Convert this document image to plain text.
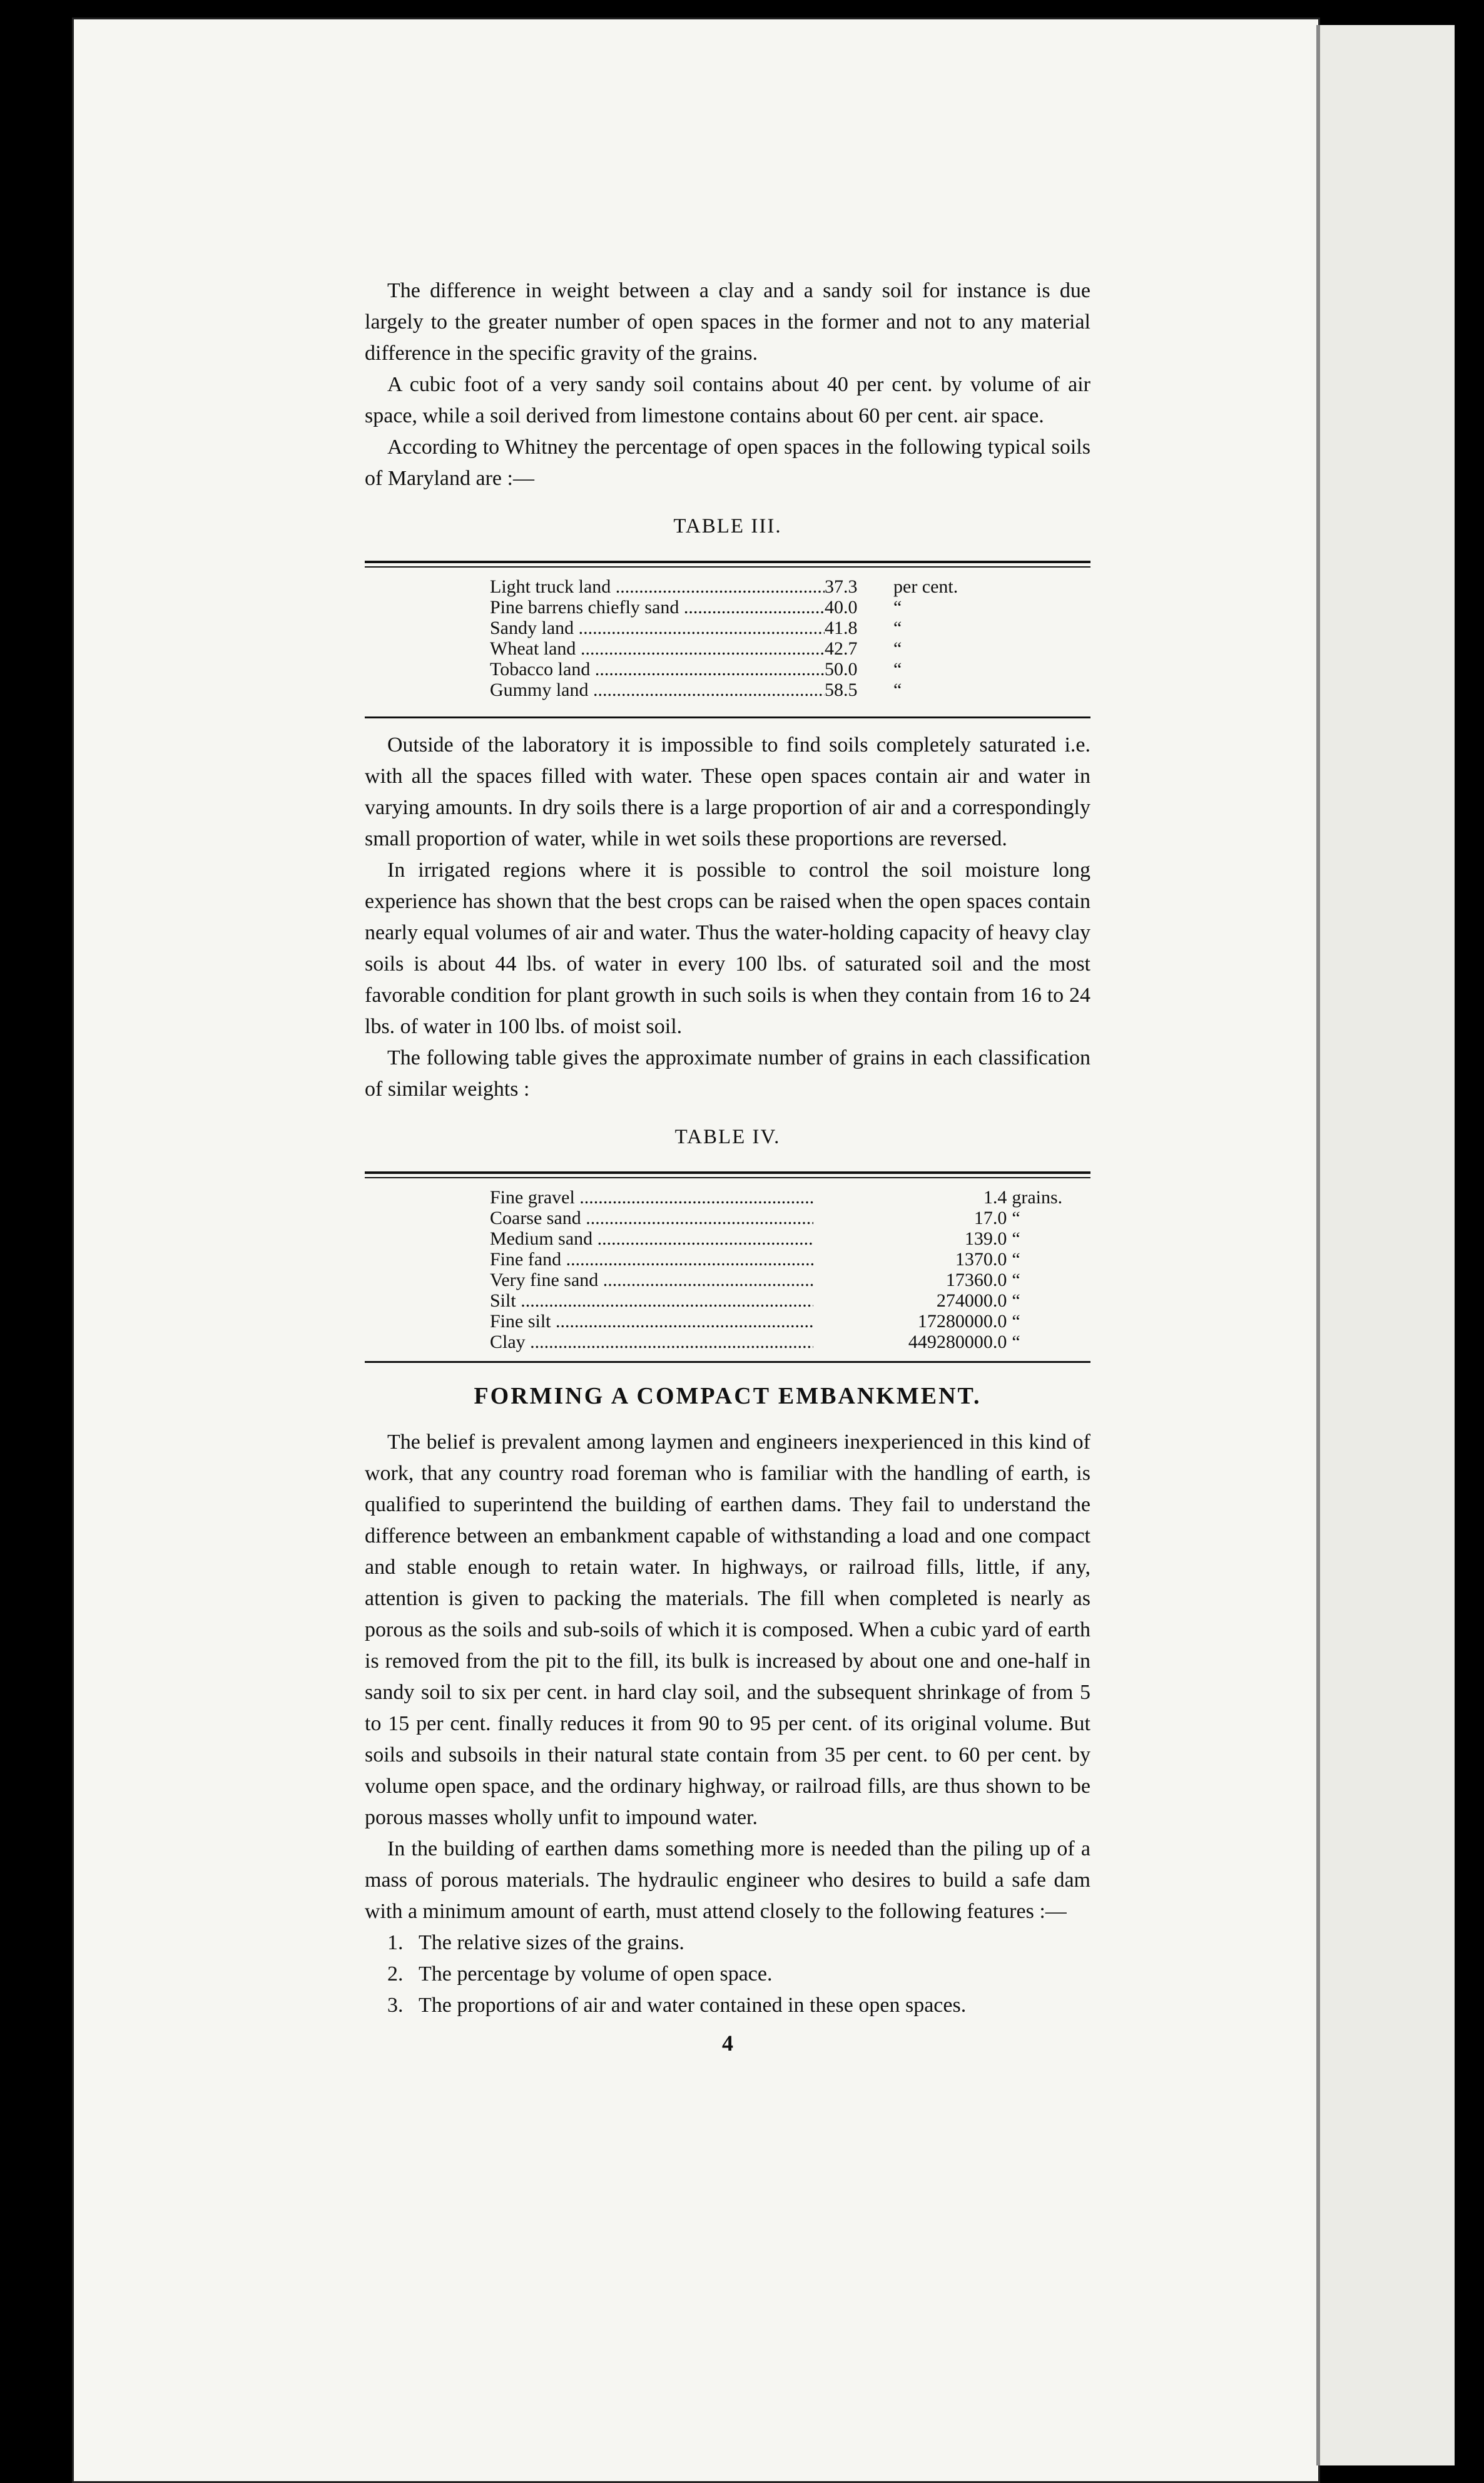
The difference in weight between a clay and a sandy soil for instance is due largely to the greater number of open spaces in the former and not to any material difference in the specific gravity of the grains.

A cubic foot of a very sandy soil contains about 40 per cent. by volume of air space, while a soil derived from limestone contains about 60 per cent. air space.

According to Whitney the percentage of open spaces in the following typical soils of Maryland are :—

TABLE III.
Light truck land .....	37.3	per cent.
Pine barrens chiefly sand .....	40.0	“
Sandy land .....	41.8	“
Wheat land .....	42.7	“
Tobacco land .....	50.0	“
Gummy land .....	58.5	“

Outside of the laboratory it is impossible to find soils completely saturated i.e. with all the spaces filled with water. These open spaces contain air and water in varying amounts. In dry soils there is a large proportion of air and a correspondingly small proportion of water, while in wet soils these proportions are reversed.

In irrigated regions where it is possible to control the soil moisture long experience has shown that the best crops can be raised when the open spaces contain nearly equal volumes of air and water. Thus the water-holding capacity of heavy clay soils is about 44 lbs. of water in every 100 lbs. of saturated soil and the most favorable condition for plant growth in such soils is when they contain from 16 to 24 lbs. of water in 100 lbs. of moist soil.

The following table gives the approximate number of grains in each classification of similar weights :

TABLE IV.
Fine gravel .....	1.4 grains.
Coarse sand .....	17.0 “
Medium sand .....	139.0 “
Fine fand .....	1370.0 “
Very fine sand .....	17360.0 “
Silt .....	274000.0 “
Fine silt .....	17280000.0 “
Clay .....	449280000.0 “
FORMING A COMPACT EMBANKMENT.

The belief is prevalent among laymen and engineers inexperienced in this kind of work, that any country road foreman who is familiar with the handling of earth, is qualified to superintend the building of earthen dams. They fail to understand the difference between an embankment capable of withstanding a load and one compact and stable enough to retain water. In highways, or railroad fills, little, if any, attention is given to packing the materials. The fill when completed is nearly as porous as the soils and sub-soils of which it is composed. When a cubic yard of earth is removed from the pit to the fill, its bulk is increased by about one and one-half in sandy soil to six per cent. in hard clay soil, and the subsequent shrinkage of from 5 to 15 per cent. finally reduces it from 90 to 95 per cent. of its original volume. But soils and subsoils in their natural state contain from 35 per cent. to 60 per cent. by volume open space, and the ordinary highway, or railroad fills, are thus shown to be porous masses wholly unfit to impound water.

In the building of earthen dams something more is needed than the piling up of a mass of porous materials. The hydraulic engineer who desires to build a safe dam with a minimum amount of earth, must attend closely to the following features :—

1. The relative sizes of the grains.
2. The percentage by volume of open space.
3. The proportions of air and water contained in these open spaces.
4
